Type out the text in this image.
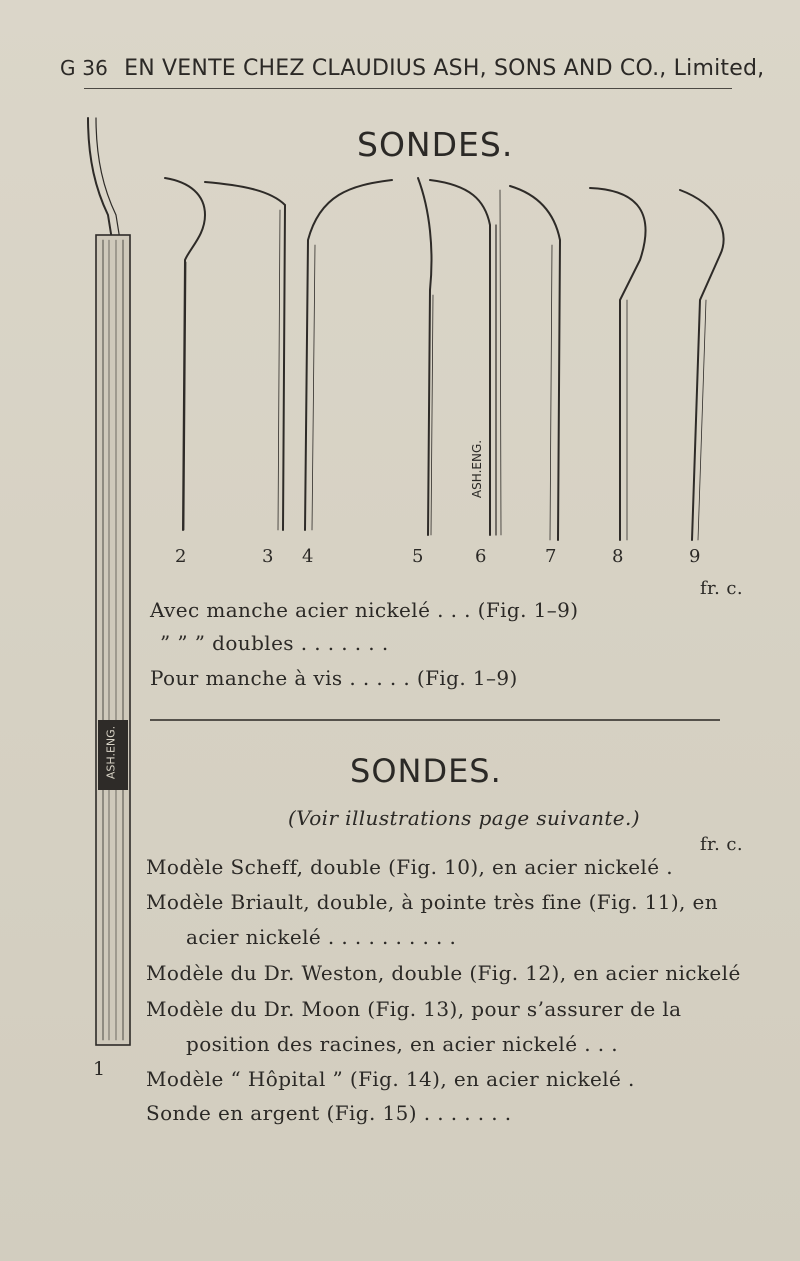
G 36 EN VENTE CHEZ CLAUDIUS ASH, SONS AND CO., Limited,
SONDES.
ASH.ENG.
2	3 4	5	6	7	8	9
fr. c.
Avec manche acier nickelé . . . (Fig. 1–9)
” ” ” doubles . . . . . . .
Pour manche à vis . . . . . (Fig. 1–9)
SONDES.
(Voir illustrations page suivante.)
fr. c.
Modèle Scheff, double (Fig. 10), en acier nickelé .
Modèle Briault, double, à pointe très fine (Fig. 11), en
acier nickelé . . . . . . . . . .
Modèle du Dr. Weston, double (Fig. 12), en acier nickelé
Modèle du Dr. Moon (Fig. 13), pour s’assurer de la
position des racines, en acier nickelé . . .
Modèle “ Hôpital ” (Fig. 14), en acier nickelé .
Sonde en argent (Fig. 15) . . . . . . .
1
ASH.ENG.
